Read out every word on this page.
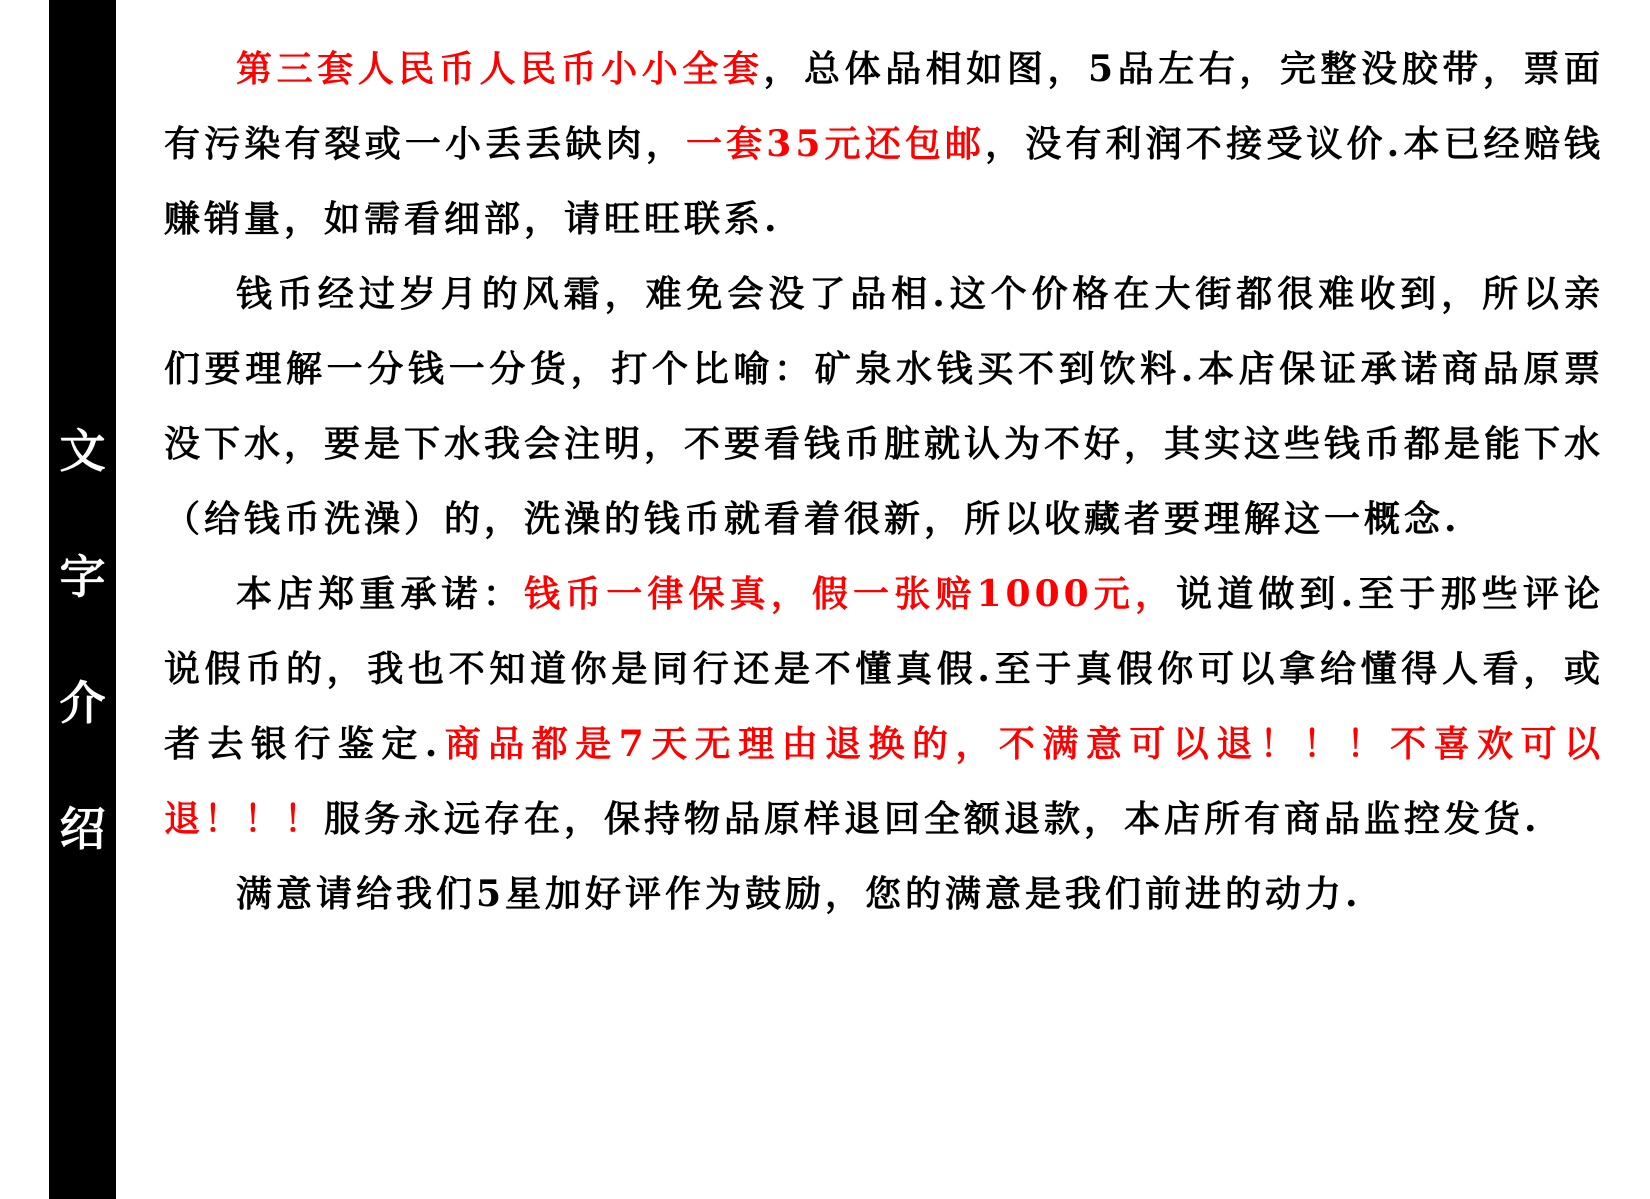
文
字
介
绍

第三套人民币人民币小小全套，总体品相如图，5品左右，完整没胶带，票面有污染有裂或一小丢丢缺肉，一套35元还包邮，没有利润不接受议价.本已经赔钱赚销量，如需看细部，请旺旺联系.

钱币经过岁月的风霜，难免会没了品相.这个价格在大街都很难收到，所以亲们要理解一分钱一分货，打个比喻：矿泉水钱买不到饮料.本店保证承诺商品原票没下水，要是下水我会注明，不要看钱币脏就认为不好，其实这些钱币都是能下水（给钱币洗澡）的，洗澡的钱币就看着很新，所以收藏者要理解这一概念.

本店郑重承诺：钱币一律保真，假一张赔1000元，说道做到.至于那些评论说假币的，我也不知道你是同行还是不懂真假.至于真假你可以拿给懂得人看，或者去银行鉴定.商品都是7天无理由退换的，不满意可以退！！！不喜欢可以退！！！服务永远存在，保持物品原样退回全额退款，本店所有商品监控发货.

满意请给我们5星加好评作为鼓励，您的满意是我们前进的动力.
